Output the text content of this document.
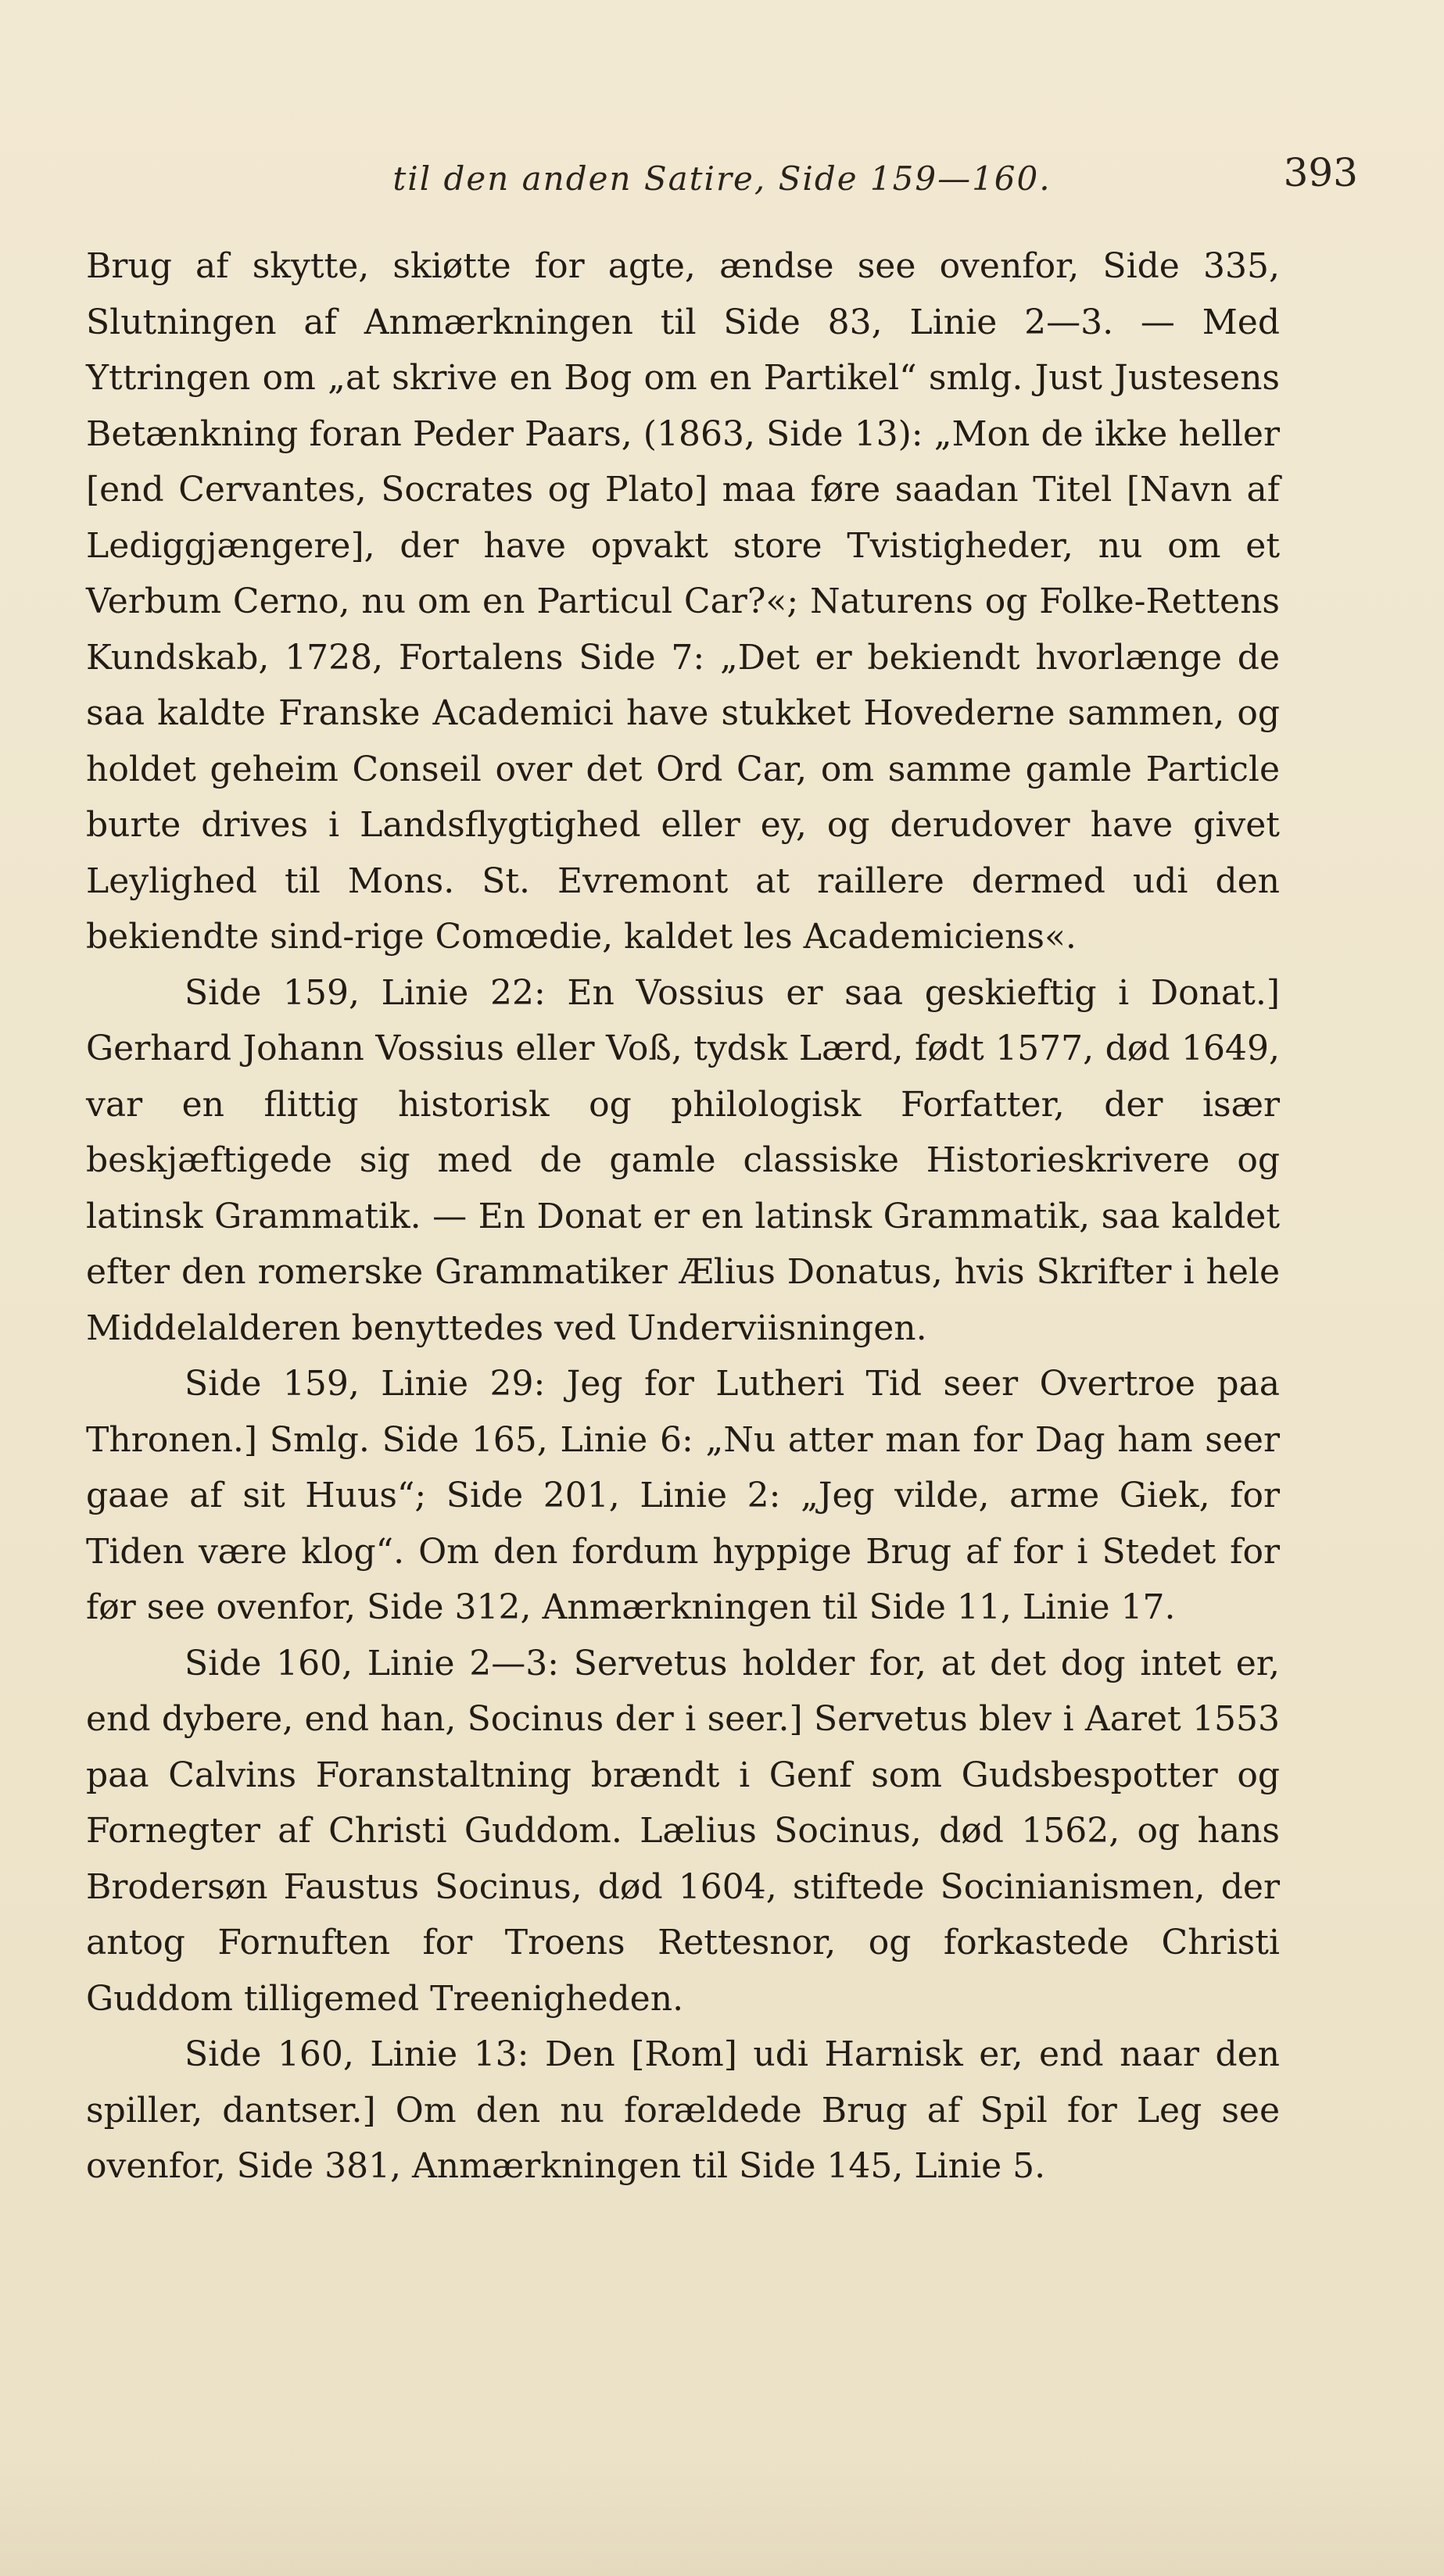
til den anden Satire, Side 159—160.	393

Brug af skytte, skiøtte for agte, ændse see ovenfor, Side 335, Slutningen af Anmærkningen til Side 83, Linie 2—3. — Med Yttringen om „at skrive en Bog om en Partikel“ smlg. Just Justesens Betænkning foran Peder Paars, (1863, Side 13): „Mon de ikke heller [end Cervantes, Socrates og Plato] maa føre saadan Titel [Navn af Lediggjængere], der have opvakt store Tvistigheder, nu om et Verbum Cerno, nu om en Particul Car?«; Naturens og Folke-Rettens Kundskab, 1728, Fortalens Side 7: „Det er bekiendt hvorlænge de saa kaldte Franske Academici have stukket Hovederne sammen, og holdet geheim Conseil over det Ord Car, om samme gamle Particle burte drives i Landsflygtighed eller ey, og derudover have givet Leylighed til Mons. St. Evremont at raillere dermed udi den bekiendte sind-rige Comœdie, kaldet les Academiciens«.

Side 159, Linie 22: En Vossius er saa geskieftig i Donat.] Gerhard Johann Vossius eller Voß, tydsk Lærd, født 1577, død 1649, var en flittig historisk og philologisk Forfatter, der især beskjæftigede sig med de gamle classiske Historieskrivere og latinsk Grammatik. — En Donat er en latinsk Grammatik, saa kaldet efter den romerske Grammatiker Ælius Donatus, hvis Skrifter i hele Middelalderen benyttedes ved Underviisningen.

Side 159, Linie 29: Jeg for Lutheri Tid seer Overtroe paa Thronen.] Smlg. Side 165, Linie 6: „Nu atter man for Dag ham seer gaae af sit Huus“; Side 201, Linie 2: „Jeg vilde, arme Giek, for Tiden være klog“. Om den fordum hyppige Brug af for i Stedet for før see ovenfor, Side 312, Anmærkningen til Side 11, Linie 17.

Side 160, Linie 2—3: Servetus holder for, at det dog intet er, end dybere, end han, Socinus der i seer.] Servetus blev i Aaret 1553 paa Calvins Foranstaltning brændt i Genf som Gudsbespotter og Fornegter af Christi Guddom. Lælius Socinus, død 1562, og hans Brodersøn Faustus Socinus, død 1604, stiftede Socinianismen, der antog Fornuften for Troens Rettesnor, og forkastede Christi Guddom tilligemed Treenigheden.

Side 160, Linie 13: Den [Rom] udi Harnisk er, end naar den spiller, dantser.] Om den nu forældede Brug af Spil for Leg see ovenfor, Side 381, Anmærkningen til Side 145, Linie 5.
